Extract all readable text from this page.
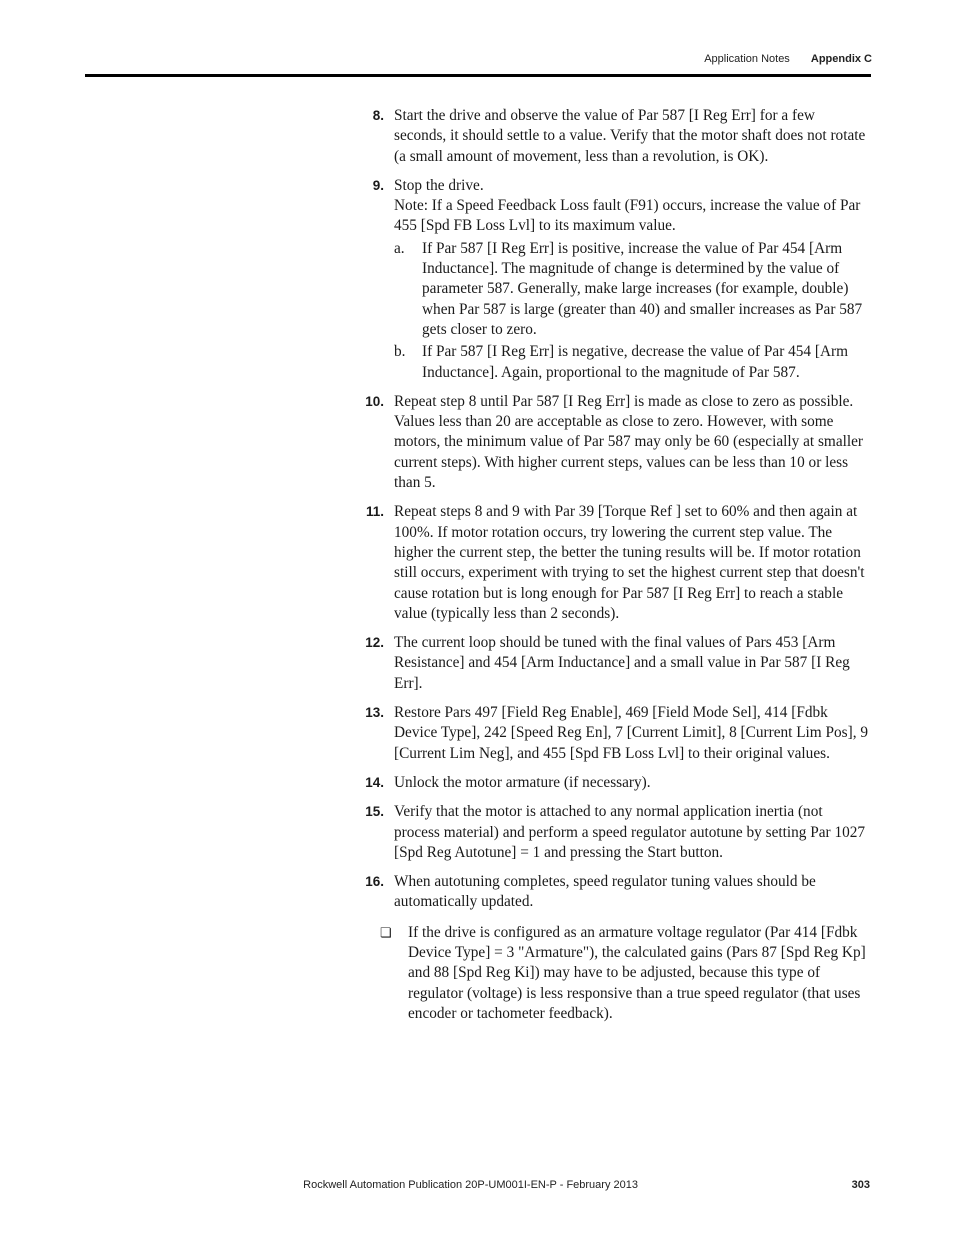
Application Notes Appendix C
8. Start the drive and observe the value of Par 587 [I Reg Err] for a few seconds, it should settle to a value. Verify that the motor shaft does not rotate (a small amount of movement, less than a revolution, is OK).

9. Stop the drive.

Note: If a Speed Feedback Loss fault (F91) occurs, increase the value of Par 455 [Spd FB Loss Lvl] to its maximum value.

a. If Par 587 [I Reg Err] is positive, increase the value of Par 454 [Arm Inductance]. The magnitude of change is determined by the value of parameter 587. Generally, make large increases (for example, double) when Par 587 is large (greater than 40) and smaller increases as Par 587 gets closer to zero.

b. If Par 587 [I Reg Err] is negative, decrease the value of Par 454 [Arm Inductance]. Again, proportional to the magnitude of Par 587.

10. Repeat step 8 until Par 587 [I Reg Err] is made as close to zero as possible. Values less than 20 are acceptable as close to zero. However, with some motors, the minimum value of Par 587 may only be 60 (especially at smaller current steps). With higher current steps, values can be less than 10 or less than 5.

11. Repeat steps 8 and 9 with Par 39 [Torque Ref ] set to 60% and then again at 100%. If motor rotation occurs, try lowering the current step value. The higher the current step, the better the tuning results will be. If motor rotation still occurs, experiment with trying to set the highest current step that doesn't cause rotation but is long enough for Par 587 [I Reg Err] to reach a stable value (typically less than 2 seconds).

12. The current loop should be tuned with the final values of Pars 453 [Arm Resistance] and 454 [Arm Inductance] and a small value in Par 587 [I Reg Err].

13. Restore Pars 497 [Field Reg Enable], 469 [Field Mode Sel], 414 [Fdbk Device Type], 242 [Speed Reg En], 7 [Current Limit], 8 [Current Lim Pos], 9 [Current Lim Neg], and 455 [Spd FB Loss Lvl] to their original values.

14. Unlock the motor armature (if necessary).

15. Verify that the motor is attached to any normal application inertia (not process material) and perform a speed regulator autotune by setting Par 1027 [Spd Reg Autotune] = 1 and pressing the Start button.

16. When autotuning completes, speed regulator tuning values should be automatically updated.

❏ If the drive is configured as an armature voltage regulator (Par 414 [Fdbk Device Type] = 3 "Armature"), the calculated gains (Pars 87 [Spd Reg Kp] and 88 [Spd Reg Ki]) may have to be adjusted, because this type of regulator (voltage) is less responsive than a true speed regulator (that uses encoder or tachometer feedback).

Rockwell Automation Publication 20P-UM001I-EN-P - February 2013	303
